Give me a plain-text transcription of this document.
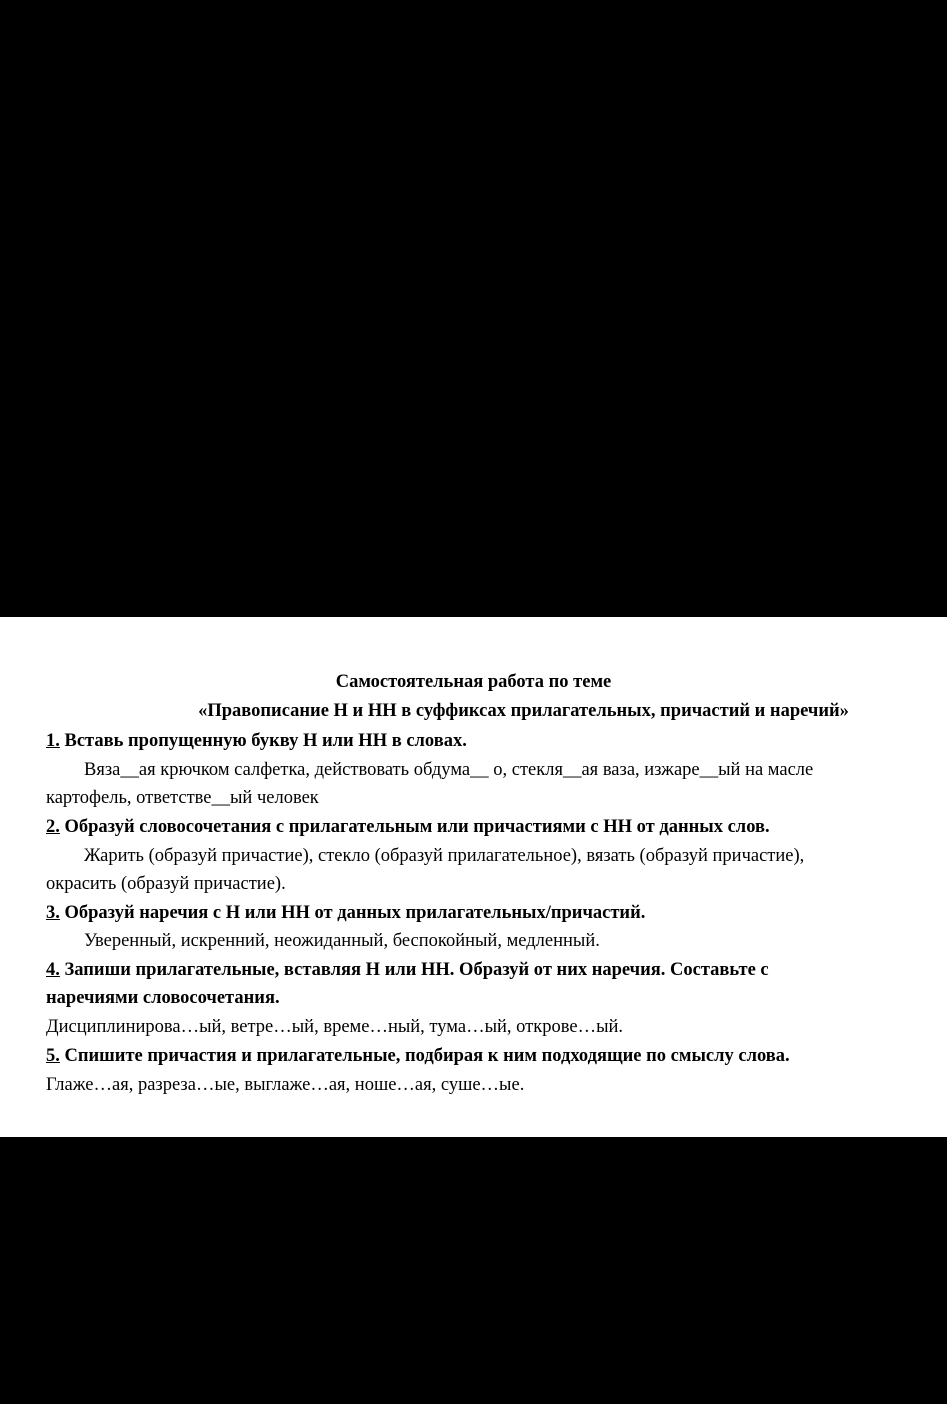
Самостоятельная работа по теме
«Правописание Н и НН в суффиксах прилагательных, причастий и наречий»
1. Вставь пропущенную букву Н или НН в словах.
Вяза__ая крючком салфетка, действовать обдума__ о, стекля__ая ваза, изжаре__ый на масле
картофель, ответстве__ый человек
2. Образуй словосочетания с прилагательным или причастиями с НН от данных слов.
Жарить (образуй причастие), стекло (образуй прилагательное), вязать (образуй причастие),
окрасить (образуй причастие).
3. Образуй наречия с Н или НН от данных прилагательных/причастий.
Уверенный, искренний, неожиданный, беспокойный, медленный.
4. Запиши прилагательные, вставляя Н или НН. Образуй от них наречия. Составьте с
наречиями словосочетания.
Дисциплинирова…ый, ветре…ый, време…ный, тума…ый, открове…ый.
5. Спишите причастия и прилагательные, подбирая к ним подходящие по смыслу слова.
Глаже…ая, разреза…ые, выглаже…ая, ноше…ая, суше…ые.
